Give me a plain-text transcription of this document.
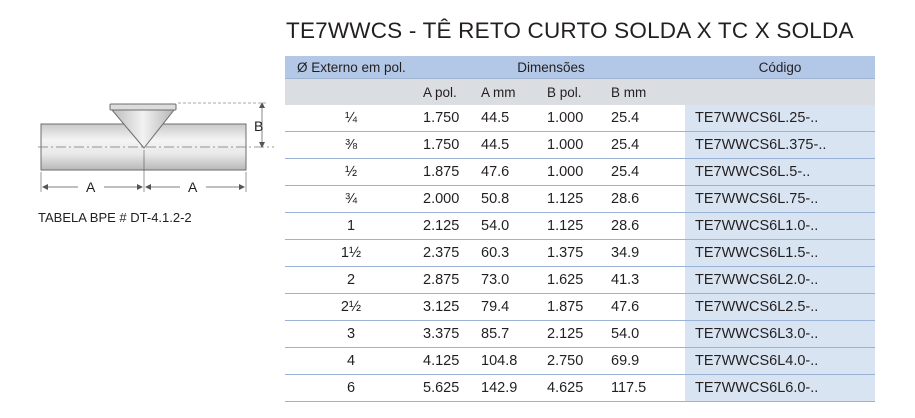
TE7WWCS - TÊ RETO CURTO SOLDA X TC X SOLDA
B
A	A
TABELA BPE # DT-4.1.2-2
Ø Externo em pol.	Dimensões				Código
	A pol.	A mm	B pol.	B mm	
¼	1.750	44.5	1.000	25.4	TE7WWCS6L.25-..
⅜	1.750	44.5	1.000	25.4	TE7WWCS6L.375-..
½	1.875	47.6	1.000	25.4	TE7WWCS6L.5-..
¾	2.000	50.8	1.125	28.6	TE7WWCS6L.75-..
1	2.125	54.0	1.125	28.6	TE7WWCS6L1.0-..
1½	2.375	60.3	1.375	34.9	TE7WWCS6L1.5-..
2	2.875	73.0	1.625	41.3	TE7WWCS6L2.0-..
2½	3.125	79.4	1.875	47.6	TE7WWCS6L2.5-..
3	3.375	85.7	2.125	54.0	TE7WWCS6L3.0-..
4	4.125	104.8	2.750	69.9	TE7WWCS6L4.0-..
6	5.625	142.9	4.625	117.5	TE7WWCS6L6.0-..
